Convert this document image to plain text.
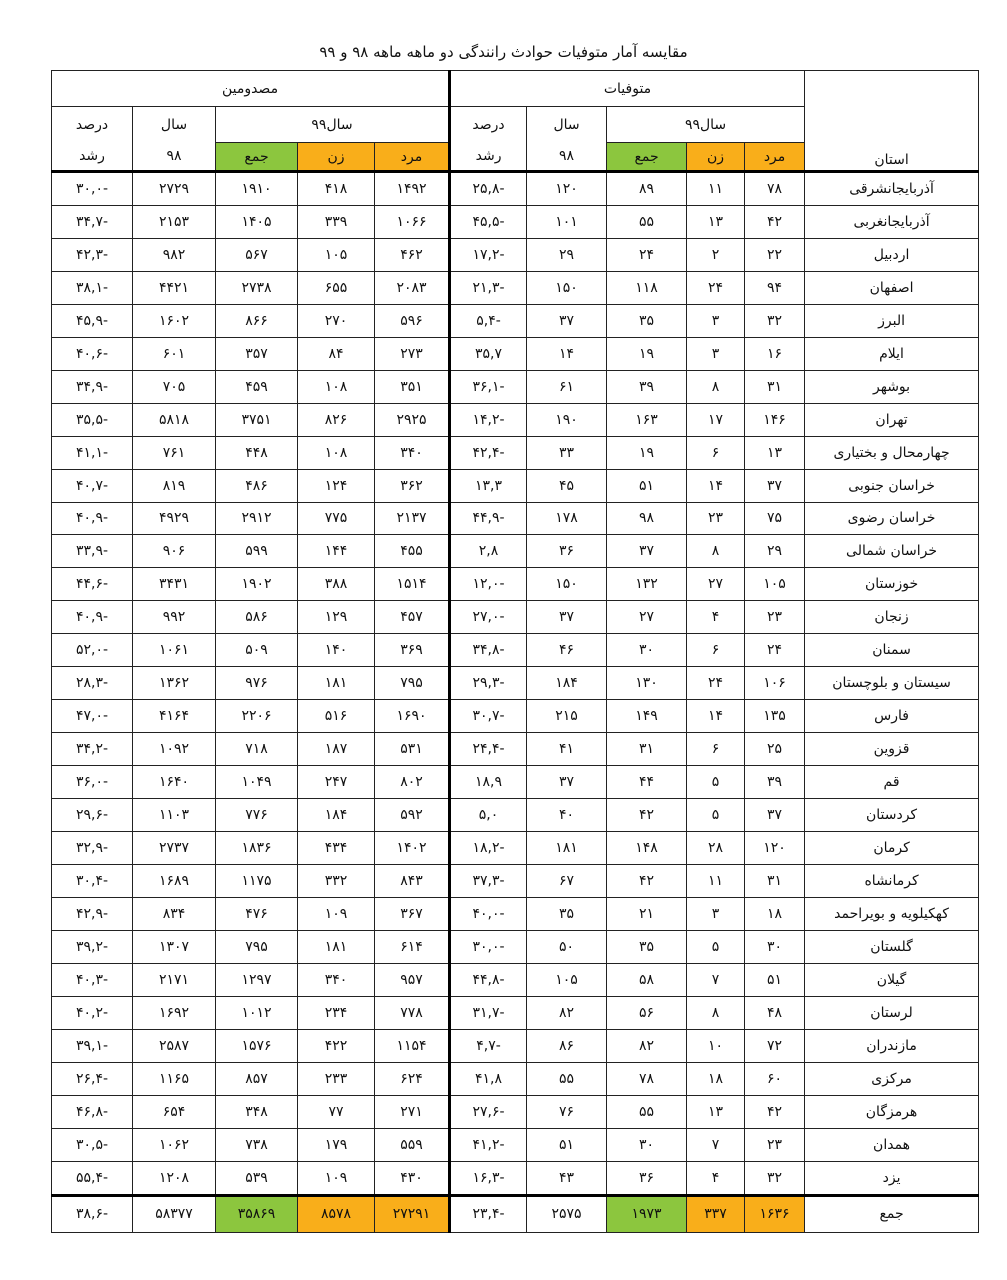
مقایسه آمار متوفیات حوادث رانندگی دو ماهه ماهه ۹۸ و ۹۹
استان	متوفیات					مصدومین				
	سال۹۹			سال	درصد	سال۹۹			سال	درصد
	مرد	زن	جمع	۹۸	رشد	مرد	زن	جمع	۹۸	رشد
آذربایجانشرقی	۷۸	۱۱	۸۹	۱۲۰	-۲۵,۸	۱۴۹۲	۴۱۸	۱۹۱۰	۲۷۲۹	-۳۰,۰
آذربایجانغربی	۴۲	۱۳	۵۵	۱۰۱	-۴۵,۵	۱۰۶۶	۳۳۹	۱۴۰۵	۲۱۵۳	-۳۴,۷
اردبیل	۲۲	۲	۲۴	۲۹	-۱۷,۲	۴۶۲	۱۰۵	۵۶۷	۹۸۲	-۴۲,۳
اصفهان	۹۴	۲۴	۱۱۸	۱۵۰	-۲۱,۳	۲۰۸۳	۶۵۵	۲۷۳۸	۴۴۲۱	-۳۸,۱
البرز	۳۲	۳	۳۵	۳۷	-۵,۴	۵۹۶	۲۷۰	۸۶۶	۱۶۰۲	-۴۵,۹
ایلام	۱۶	۳	۱۹	۱۴	۳۵,۷	۲۷۳	۸۴	۳۵۷	۶۰۱	-۴۰,۶
بوشهر	۳۱	۸	۳۹	۶۱	-۳۶,۱	۳۵۱	۱۰۸	۴۵۹	۷۰۵	-۳۴,۹
تهران	۱۴۶	۱۷	۱۶۳	۱۹۰	-۱۴,۲	۲۹۲۵	۸۲۶	۳۷۵۱	۵۸۱۸	-۳۵,۵
چهارمحال و بختیاری	۱۳	۶	۱۹	۳۳	-۴۲,۴	۳۴۰	۱۰۸	۴۴۸	۷۶۱	-۴۱,۱
خراسان جنوبی	۳۷	۱۴	۵۱	۴۵	۱۳,۳	۳۶۲	۱۲۴	۴۸۶	۸۱۹	-۴۰,۷
خراسان رضوی	۷۵	۲۳	۹۸	۱۷۸	-۴۴,۹	۲۱۳۷	۷۷۵	۲۹۱۲	۴۹۲۹	-۴۰,۹
خراسان شمالی	۲۹	۸	۳۷	۳۶	۲,۸	۴۵۵	۱۴۴	۵۹۹	۹۰۶	-۳۳,۹
خوزستان	۱۰۵	۲۷	۱۳۲	۱۵۰	-۱۲,۰	۱۵۱۴	۳۸۸	۱۹۰۲	۳۴۳۱	-۴۴,۶
زنجان	۲۳	۴	۲۷	۳۷	-۲۷,۰	۴۵۷	۱۲۹	۵۸۶	۹۹۲	-۴۰,۹
سمنان	۲۴	۶	۳۰	۴۶	-۳۴,۸	۳۶۹	۱۴۰	۵۰۹	۱۰۶۱	-۵۲,۰
سیستان و بلوچستان	۱۰۶	۲۴	۱۳۰	۱۸۴	-۲۹,۳	۷۹۵	۱۸۱	۹۷۶	۱۳۶۲	-۲۸,۳
فارس	۱۳۵	۱۴	۱۴۹	۲۱۵	-۳۰,۷	۱۶۹۰	۵۱۶	۲۲۰۶	۴۱۶۴	-۴۷,۰
قزوین	۲۵	۶	۳۱	۴۱	-۲۴,۴	۵۳۱	۱۸۷	۷۱۸	۱۰۹۲	-۳۴,۲
قم	۳۹	۵	۴۴	۳۷	۱۸,۹	۸۰۲	۲۴۷	۱۰۴۹	۱۶۴۰	-۳۶,۰
کردستان	۳۷	۵	۴۲	۴۰	۵,۰	۵۹۲	۱۸۴	۷۷۶	۱۱۰۳	-۲۹,۶
کرمان	۱۲۰	۲۸	۱۴۸	۱۸۱	-۱۸,۲	۱۴۰۲	۴۳۴	۱۸۳۶	۲۷۳۷	-۳۲,۹
کرمانشاه	۳۱	۱۱	۴۲	۶۷	-۳۷,۳	۸۴۳	۳۳۲	۱۱۷۵	۱۶۸۹	-۳۰,۴
کهکیلویه و بویراحمد	۱۸	۳	۲۱	۳۵	-۴۰,۰	۳۶۷	۱۰۹	۴۷۶	۸۳۴	-۴۲,۹
گلستان	۳۰	۵	۳۵	۵۰	-۳۰,۰	۶۱۴	۱۸۱	۷۹۵	۱۳۰۷	-۳۹,۲
گیلان	۵۱	۷	۵۸	۱۰۵	-۴۴,۸	۹۵۷	۳۴۰	۱۲۹۷	۲۱۷۱	-۴۰,۳
لرستان	۴۸	۸	۵۶	۸۲	-۳۱,۷	۷۷۸	۲۳۴	۱۰۱۲	۱۶۹۲	-۴۰,۲
مازندران	۷۲	۱۰	۸۲	۸۶	-۴,۷	۱۱۵۴	۴۲۲	۱۵۷۶	۲۵۸۷	-۳۹,۱
مرکزی	۶۰	۱۸	۷۸	۵۵	۴۱,۸	۶۲۴	۲۳۳	۸۵۷	۱۱۶۵	-۲۶,۴
هرمزگان	۴۲	۱۳	۵۵	۷۶	-۲۷,۶	۲۷۱	۷۷	۳۴۸	۶۵۴	-۴۶,۸
همدان	۲۳	۷	۳۰	۵۱	-۴۱,۲	۵۵۹	۱۷۹	۷۳۸	۱۰۶۲	-۳۰,۵
یزد	۳۲	۴	۳۶	۴۳	-۱۶,۳	۴۳۰	۱۰۹	۵۳۹	۱۲۰۸	-۵۵,۴
جمع	۱۶۳۶	۳۳۷	۱۹۷۳	۲۵۷۵	-۲۳,۴	۲۷۲۹۱	۸۵۷۸	۳۵۸۶۹	۵۸۳۷۷	-۳۸,۶
